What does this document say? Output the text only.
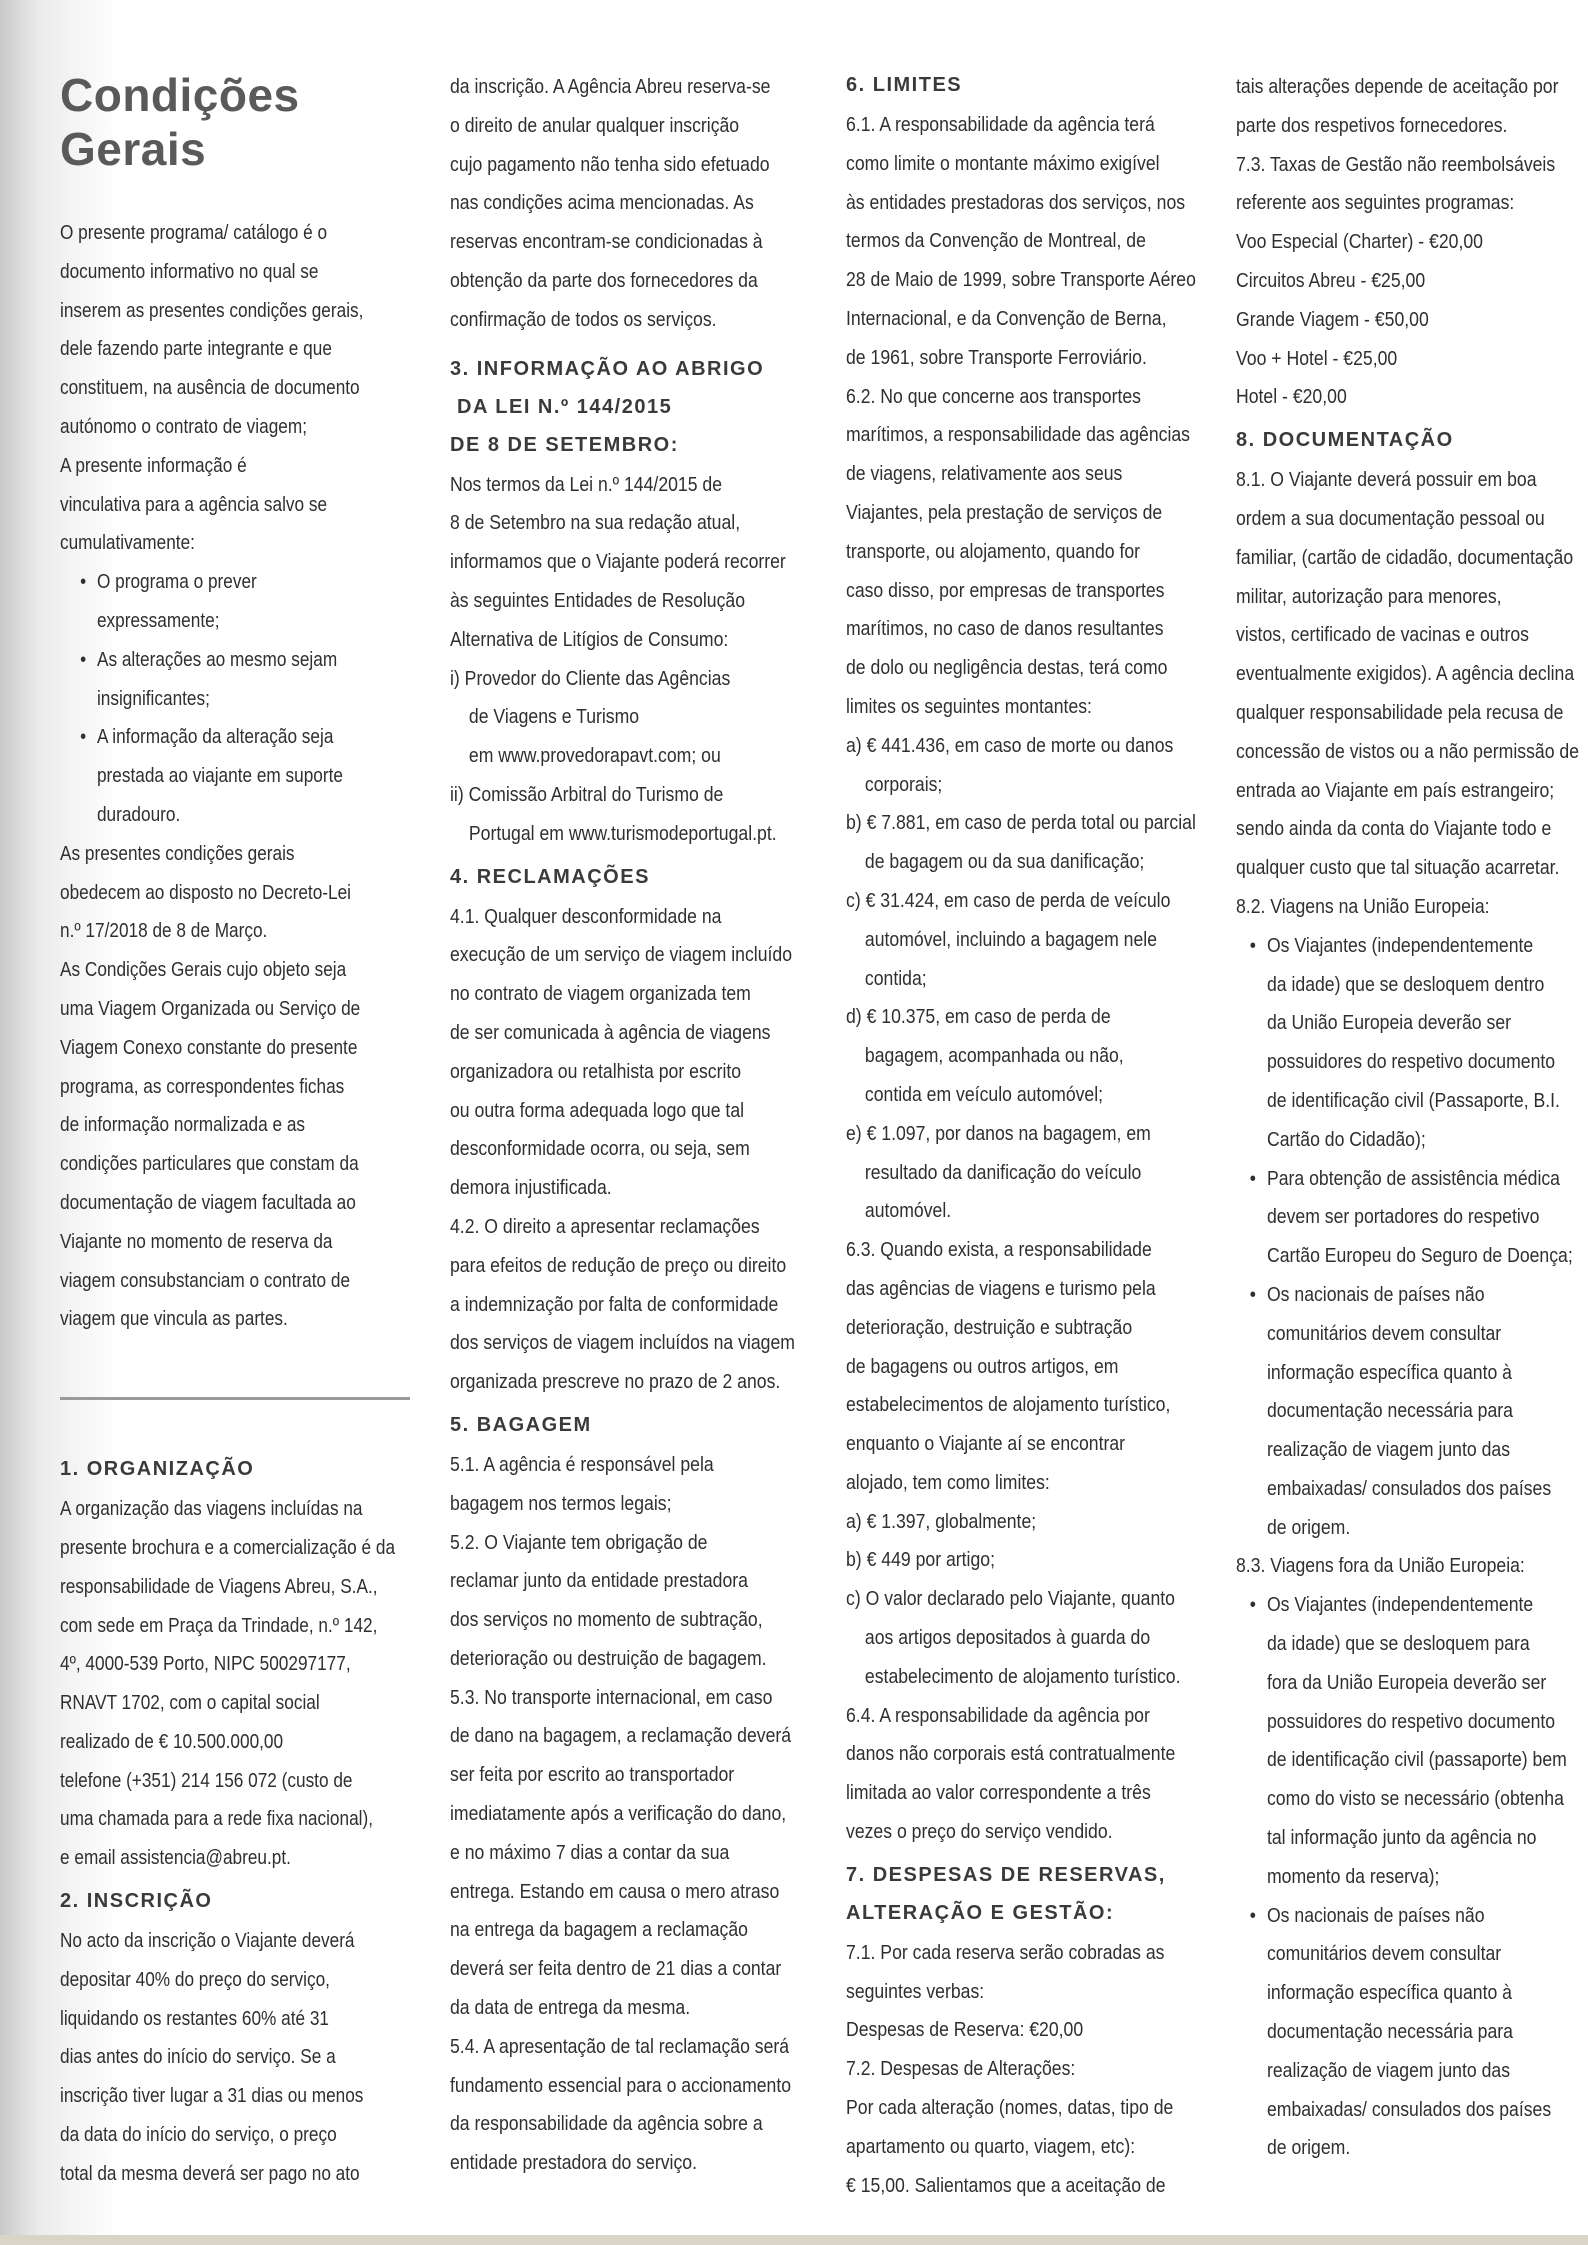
Condições
Gerais

O presente programa/ catálogo é o

documento informativo no qual se

inserem as presentes condições gerais,

dele fazendo parte integrante e que

constituem, na ausência de documento

autónomo o contrato de viagem;

A presente informação é

vinculativa para a agência salvo se

cumulativamente:

• O programa o prever

expressamente;

• As alterações ao mesmo sejam

insignificantes;

• A informação da alteração seja

prestada ao viajante em suporte

duradouro.

As presentes condições gerais

obedecem ao disposto no Decreto-Lei

n.º 17/2018 de 8 de Março.

As Condições Gerais cujo objeto seja

uma Viagem Organizada ou Serviço de

Viagem Conexo constante do presente

programa, as correspondentes fichas

de informação normalizada e as

condições particulares que constam da

documentação de viagem facultada ao

Viajante no momento de reserva da

viagem consubstanciam o contrato de

viagem que vincula as partes.

1. ORGANIZAÇÃO

A organização das viagens incluídas na

presente brochura e a comercialização é da

responsabilidade de Viagens Abreu, S.A.,

com sede em Praça da Trindade, n.º 142,

4º, 4000-539 Porto, NIPC 500297177,

RNAVT 1702, com o capital social

realizado de € 10.500.000,00

telefone (+351) 214 156 072 (custo de

uma chamada para a rede fixa nacional),

e email assistencia@abreu.pt.

2. INSCRIÇÃO

No acto da inscrição o Viajante deverá

depositar 40% do preço do serviço,

liquidando os restantes 60% até 31

dias antes do início do serviço. Se a

inscrição tiver lugar a 31 dias ou menos

da data do início do serviço, o preço

total da mesma deverá ser pago no ato

da inscrição. A Agência Abreu reserva-se

o direito de anular qualquer inscrição

cujo pagamento não tenha sido efetuado

nas condições acima mencionadas. As

reservas encontram-se condicionadas à

obtenção da parte dos fornecedores da

confirmação de todos os serviços.

3. INFORMAÇÃO AO ABRIGO
DA LEI N.º 144/2015
DE 8 DE SETEMBRO:

Nos termos da Lei n.º 144/2015 de

8 de Setembro na sua redação atual,

informamos que o Viajante poderá recorrer

às seguintes Entidades de Resolução

Alternativa de Litígios de Consumo:

i) Provedor do Cliente das Agências

de Viagens e Turismo

em www.provedorapavt.com; ou

ii) Comissão Arbitral do Turismo de

Portugal em www.turismodeportugal.pt.

4. RECLAMAÇÕES

4.1. Qualquer desconformidade na

execução de um serviço de viagem incluído

no contrato de viagem organizada tem

de ser comunicada à agência de viagens

organizadora ou retalhista por escrito

ou outra forma adequada logo que tal

desconformidade ocorra, ou seja, sem

demora injustificada.

4.2. O direito a apresentar reclamações

para efeitos de redução de preço ou direito

a indemnização por falta de conformidade

dos serviços de viagem incluídos na viagem

organizada prescreve no prazo de 2 anos.

5. BAGAGEM

5.1. A agência é responsável pela

bagagem nos termos legais;

5.2. O Viajante tem obrigação de

reclamar junto da entidade prestadora

dos serviços no momento de subtração,

deterioração ou destruição de bagagem.

5.3. No transporte internacional, em caso

de dano na bagagem, a reclamação deverá

ser feita por escrito ao transportador

imediatamente após a verificação do dano,

e no máximo 7 dias a contar da sua

entrega. Estando em causa o mero atraso

na entrega da bagagem a reclamação

deverá ser feita dentro de 21 dias a contar

da data de entrega da mesma.

5.4. A apresentação de tal reclamação será

fundamento essencial para o accionamento

da responsabilidade da agência sobre a

entidade prestadora do serviço.

6. LIMITES

6.1. A responsabilidade da agência terá

como limite o montante máximo exigível

às entidades prestadoras dos serviços, nos

termos da Convenção de Montreal, de

28 de Maio de 1999, sobre Transporte Aéreo

Internacional, e da Convenção de Berna,

de 1961, sobre Transporte Ferroviário.

6.2. No que concerne aos transportes

marítimos, a responsabilidade das agências

de viagens, relativamente aos seus

Viajantes, pela prestação de serviços de

transporte, ou alojamento, quando for

caso disso, por empresas de transportes

marítimos, no caso de danos resultantes

de dolo ou negligência destas, terá como

limites os seguintes montantes:

a) € 441.436, em caso de morte ou danos

corporais;

b) € 7.881, em caso de perda total ou parcial

de bagagem ou da sua danificação;

c) € 31.424, em caso de perda de veículo

automóvel, incluindo a bagagem nele

contida;

d) € 10.375, em caso de perda de

bagagem, acompanhada ou não,

contida em veículo automóvel;

e) € 1.097, por danos na bagagem, em

resultado da danificação do veículo

automóvel.

6.3. Quando exista, a responsabilidade

das agências de viagens e turismo pela

deterioração, destruição e subtração

de bagagens ou outros artigos, em

estabelecimentos de alojamento turístico,

enquanto o Viajante aí se encontrar

alojado, tem como limites:

a) € 1.397, globalmente;

b) € 449 por artigo;

c) O valor declarado pelo Viajante, quanto

aos artigos depositados à guarda do

estabelecimento de alojamento turístico.

6.4. A responsabilidade da agência por

danos não corporais está contratualmente

limitada ao valor correspondente a três

vezes o preço do serviço vendido.

7. DESPESAS DE RESERVAS,
ALTERAÇÃO E GESTÃO:

7.1. Por cada reserva serão cobradas as

seguintes verbas:

Despesas de Reserva: €20,00

7.2. Despesas de Alterações:

Por cada alteração (nomes, datas, tipo de

apartamento ou quarto, viagem, etc):

€ 15,00. Salientamos que a aceitação de

tais alterações depende de aceitação por

parte dos respetivos fornecedores.

7.3. Taxas de Gestão não reembolsáveis

referente aos seguintes programas:

Voo Especial (Charter) - €20,00

Circuitos Abreu - €25,00

Grande Viagem - €50,00

Voo + Hotel - €25,00

Hotel - €20,00

8. DOCUMENTAÇÃO

8.1. O Viajante deverá possuir em boa

ordem a sua documentação pessoal ou

familiar, (cartão de cidadão, documentação

militar, autorização para menores,

vistos, certificado de vacinas e outros

eventualmente exigidos). A agência declina

qualquer responsabilidade pela recusa de

concessão de vistos ou a não permissão de

entrada ao Viajante em país estrangeiro;

sendo ainda da conta do Viajante todo e

qualquer custo que tal situação acarretar.

8.2. Viagens na União Europeia:

• Os Viajantes (independentemente

da idade) que se desloquem dentro

da União Europeia deverão ser

possuidores do respetivo documento

de identificação civil (Passaporte, B.I.

Cartão do Cidadão);

• Para obtenção de assistência médica

devem ser portadores do respetivo

Cartão Europeu do Seguro de Doença;

• Os nacionais de países não

comunitários devem consultar

informação específica quanto à

documentação necessária para

realização de viagem junto das

embaixadas/ consulados dos países

de origem.

8.3. Viagens fora da União Europeia:

• Os Viajantes (independentemente

da idade) que se desloquem para

fora da União Europeia deverão ser

possuidores do respetivo documento

de identificação civil (passaporte) bem

como do visto se necessário (obtenha

tal informação junto da agência no

momento da reserva);

• Os nacionais de países não

comunitários devem consultar

informação específica quanto à

documentação necessária para

realização de viagem junto das

embaixadas/ consulados dos países

de origem.
